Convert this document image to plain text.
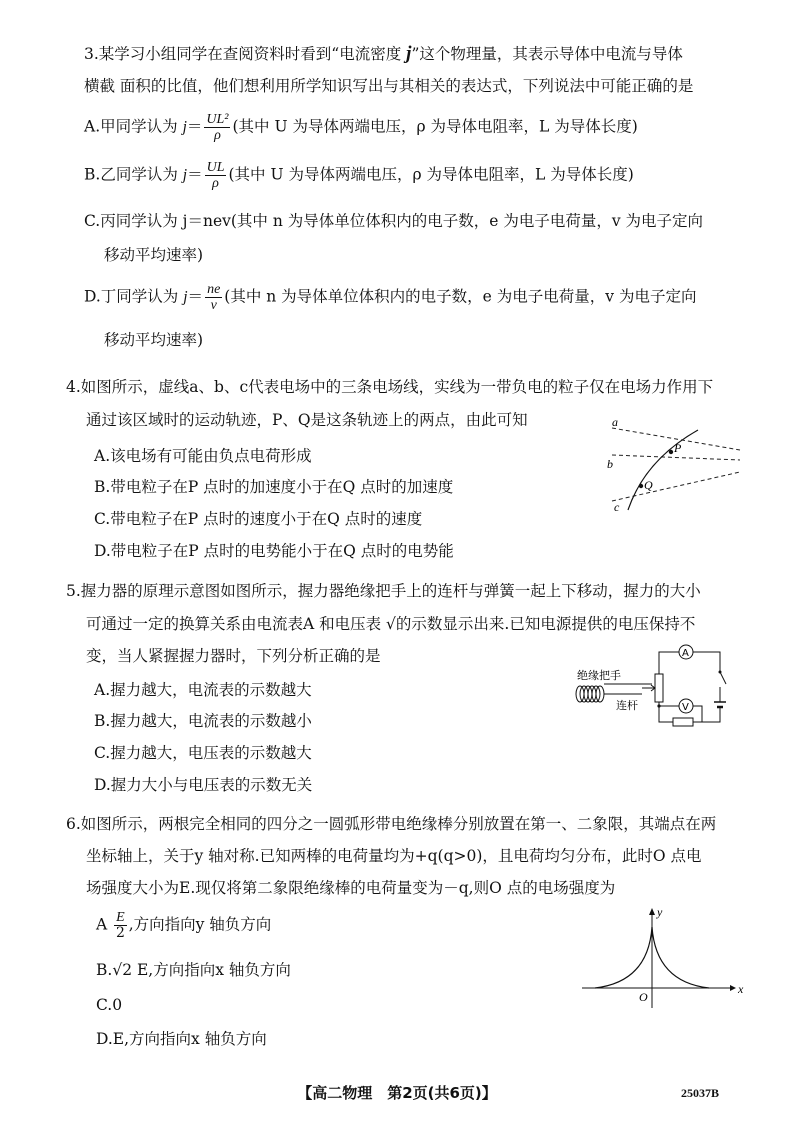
3.某学习小组同学在查阅资料时看到“电流密度 j”这个物理量，其表示导体中电流与导体
横截 面积的比值，他们想利用所学知识写出与其相关的表达式，下列说法中可能正确的是
A.甲同学认为 $j= \frac{\text{UL²}}{\rho}$ (其中 U 为导体两端电压，ρ 为导体电阻率，L 为导体长度)
B.乙同学认为 $j= \frac{UL}{\rho}$ (其中 U 为导体两端电压，ρ 为导体电阻率，L 为导体长度)
C.丙同学认为 j＝nev(其中 n 为导体单位体积内的电子数，e 为电子电荷量，v 为电子定向
移动平均速率)
D.丁同学认为 $j= \frac{ne}{v}$ (其中 n 为导体单位体积内的电子数，e 为电子电荷量，v 为电子定向
移动平均速率)
4.如图所示，虚线a、b、c代表电场中的三条电场线，实线为一带负电的粒子仅在电场力作用下
通过该区域时的运动轨迹，P、Q是这条轨迹上的两点，由此可知
A.该电场有可能由负点电荷形成
B.带电粒子在P 点时的加速度小于在Q 点时的加速度
C.带电粒子在P 点时的速度小于在Q 点时的速度
D.带电粒子在P 点时的电势能小于在Q 点时的电势能
a
b
c
P
Q
5.握力器的原理示意图如图所示，握力器绝缘把手上的连杆与弹簧一起上下移动，握力的大小
可通过一定的换算关系由电流表A 和电压表 √的示数显示出来.已知电源提供的电压保持不
变，当人紧握握力器时，下列分析正确的是
A.握力越大，电流表的示数越大
B.握力越大，电流表的示数越小
C.握力越大，电压表的示数越大
D.握力大小与电压表的示数无关
绝缘把手
连杆
A
V
6.如图所示，两根完全相同的四分之一圆弧形带电绝缘棒分别放置在第一、二象限，其端点在两
坐标轴上，关于y 轴对称.已知两棒的电荷量均为+q(q>0)，且电荷均匀分布，此时O 点电
场强度大小为E.现仅将第二象限绝缘棒的电荷量变为－q,则O 点的电场强度为
A $\frac{E}{2}$ ,方向指向y 轴负方向
B.√2 E,方向指向x 轴负方向
C.0
D.E,方向指向x 轴负方向
x
y
O
【高二物理　第2页(共6页)】	25037B
